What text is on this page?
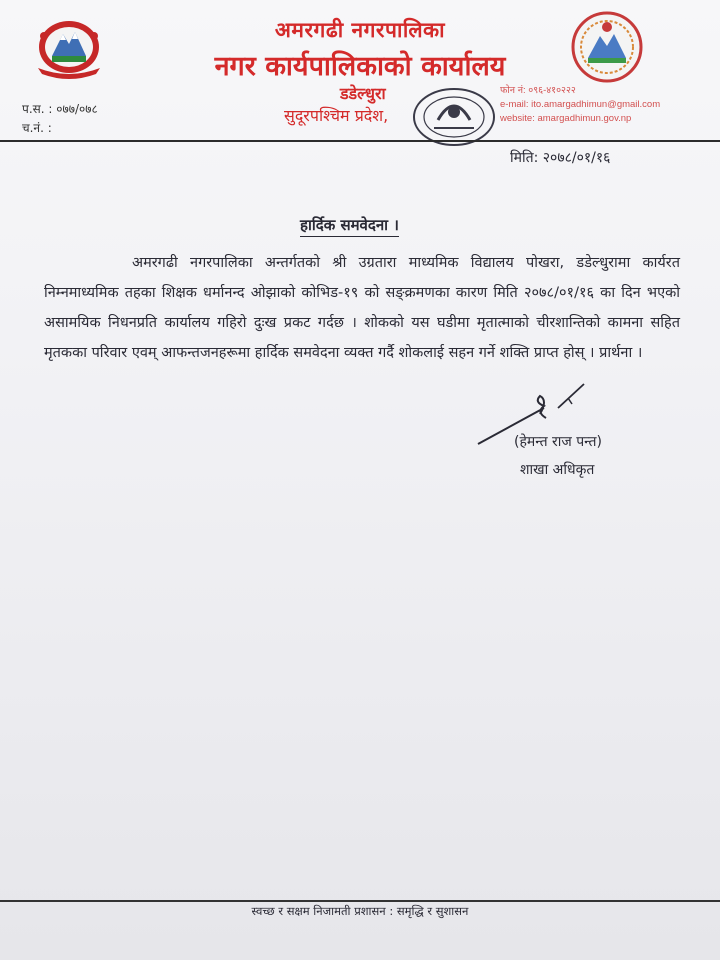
अमरगढी नगरपालिका
नगर कार्यपालिकाको कार्यालय
डडेल्धुरा
सुदूरपश्चिम प्रदेश,
प.स. : ०७७/०७८
च.नं. :
फोन नं: ०९६-४१०२२२
e-mail: ito.amargadhimun@gmail.com
website: amargadhimun.gov.np
मिति: २०७८/०१/१६
हार्दिक समवेदना ।
अमरगढी नगरपालिका अन्तर्गतको श्री उग्रतारा माध्यमिक विद्यालय पोखरा, डडेल्धुरामा कार्यरत निम्नमाध्यमिक तहका शिक्षक धर्मानन्द ओझाको कोभिड-१९ को सङ्क्रमणका कारण मिति २०७८/०१/१६ का दिन भएको असामयिक निधनप्रति कार्यालय गहिरो दुःख प्रकट गर्दछ । शोकको यस घडीमा मृतात्माको चीरशान्तिको कामना सहित मृतकका परिवार एवम् आफन्तजनहरूमा हार्दिक समवेदना व्यक्त गर्दै शोकलाई सहन गर्ने शक्ति प्राप्त होस् । प्रार्थना ।
(हेमन्त राज पन्त)
शाखा अधिकृत
स्वच्छ र सक्षम निजामती प्रशासन : समृद्धि र सुशासन
